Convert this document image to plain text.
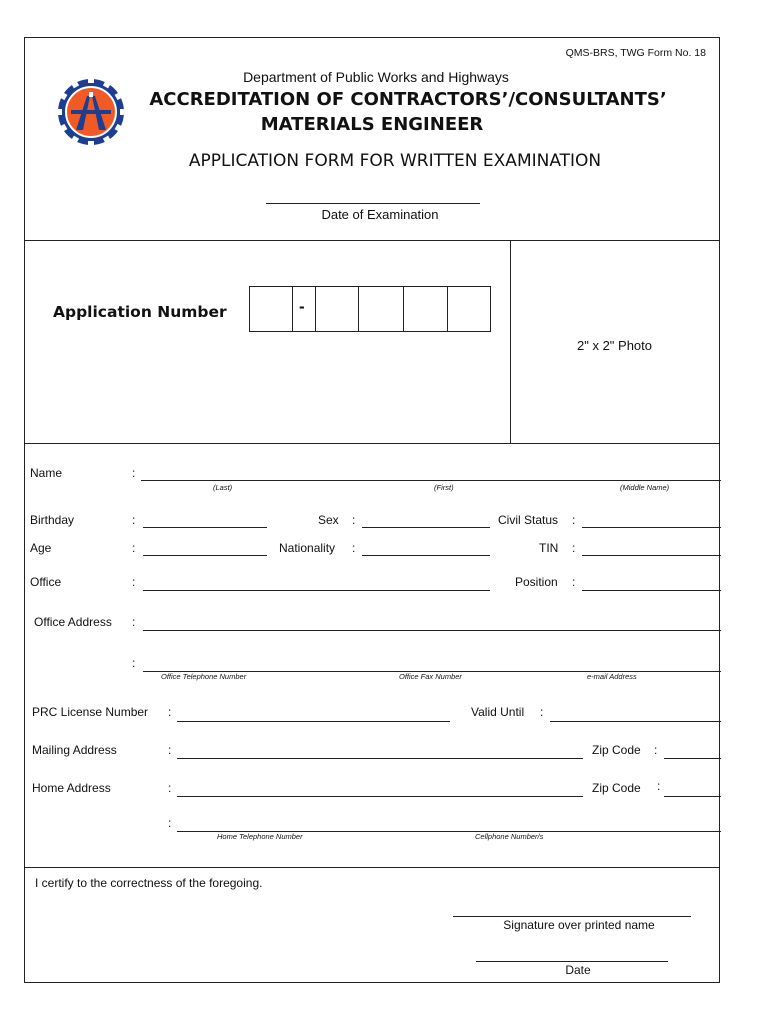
QMS-BRS, TWG Form No. 18
Department of Public Works and Highways
ACCREDITATION OF CONTRACTORS’/CONSULTANTS’
MATERIALS ENGINEER
APPLICATION FORM FOR WRITTEN EXAMINATION
Date of Examination
Application Number	-
2" x 2" Photo
Name	:
(Last)	(First)	(Middle Name)
Birthday	:	Sex :	Civil Status :
Age	:	Nationality :	TIN :
Office	:	Position :
Office Address :
:
Office Telephone Number	Office Fax Number	e-mail Address
PRC License Number :	Valid Until :
Mailing Address	:	Zip Code :
Home Address	:	Zip Code :
:
Home Telephone Number	Cellphone Number/s
I certify to the correctness of the foregoing.
Signature over printed name
Date
